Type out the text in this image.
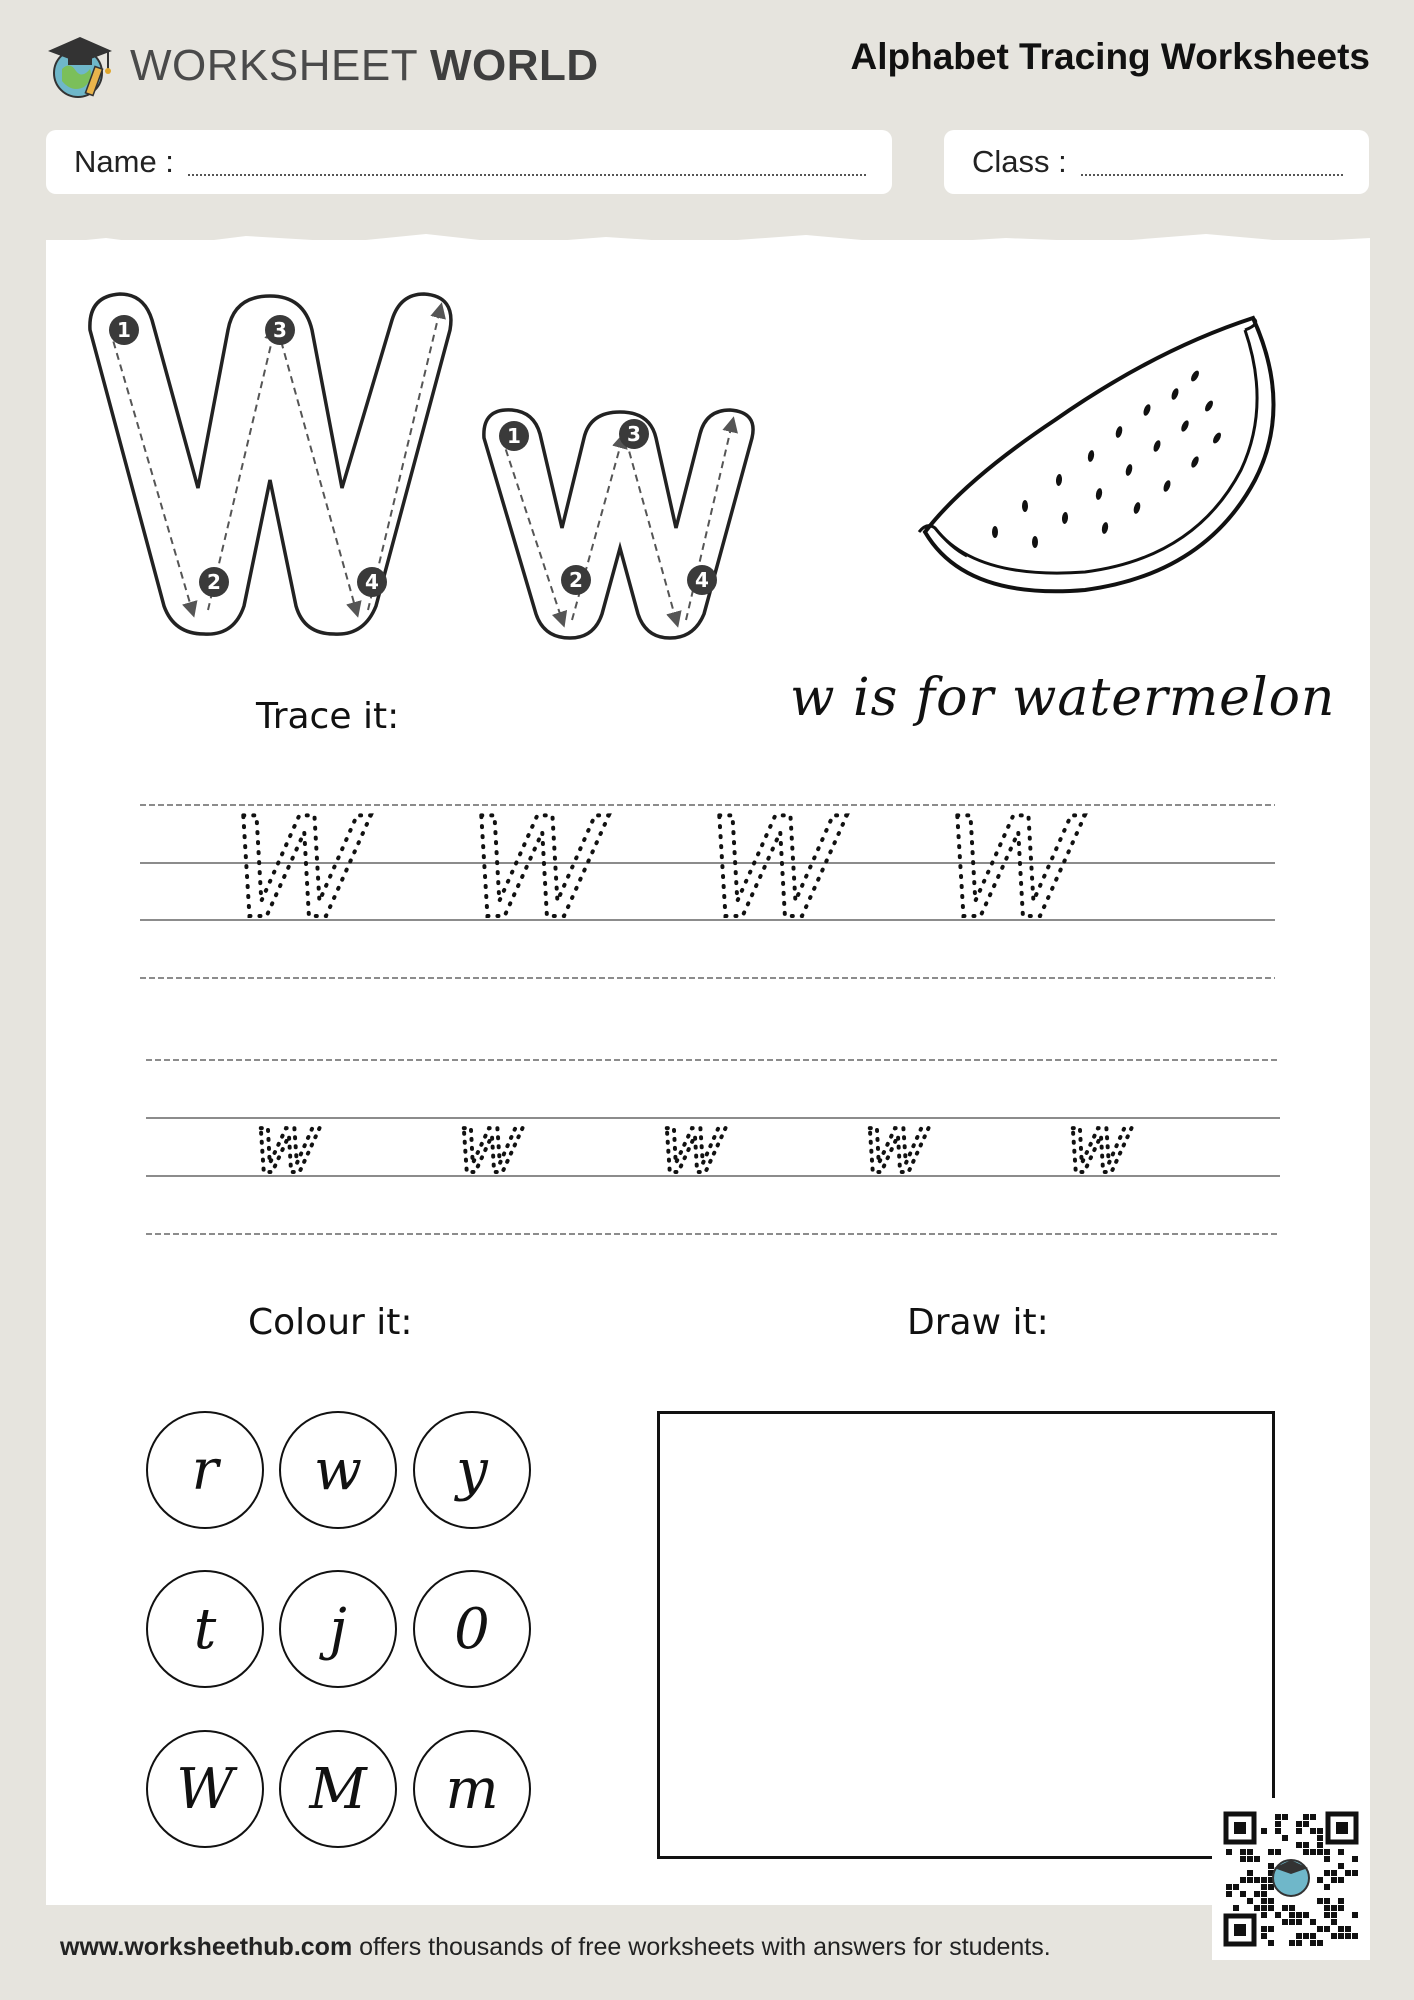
WORKSHEET WORLD	Alphabet Tracing Worksheets
Name :	Class :
1
2
3
4
1
2
3
4
w is for watermelon
Trace it:
W W W W
w w w w w
Colour it:	Draw it:
r	w	y
t	j	0
W	M	m
www.worksheethub.com offers thousands of free worksheets with answers for students.
